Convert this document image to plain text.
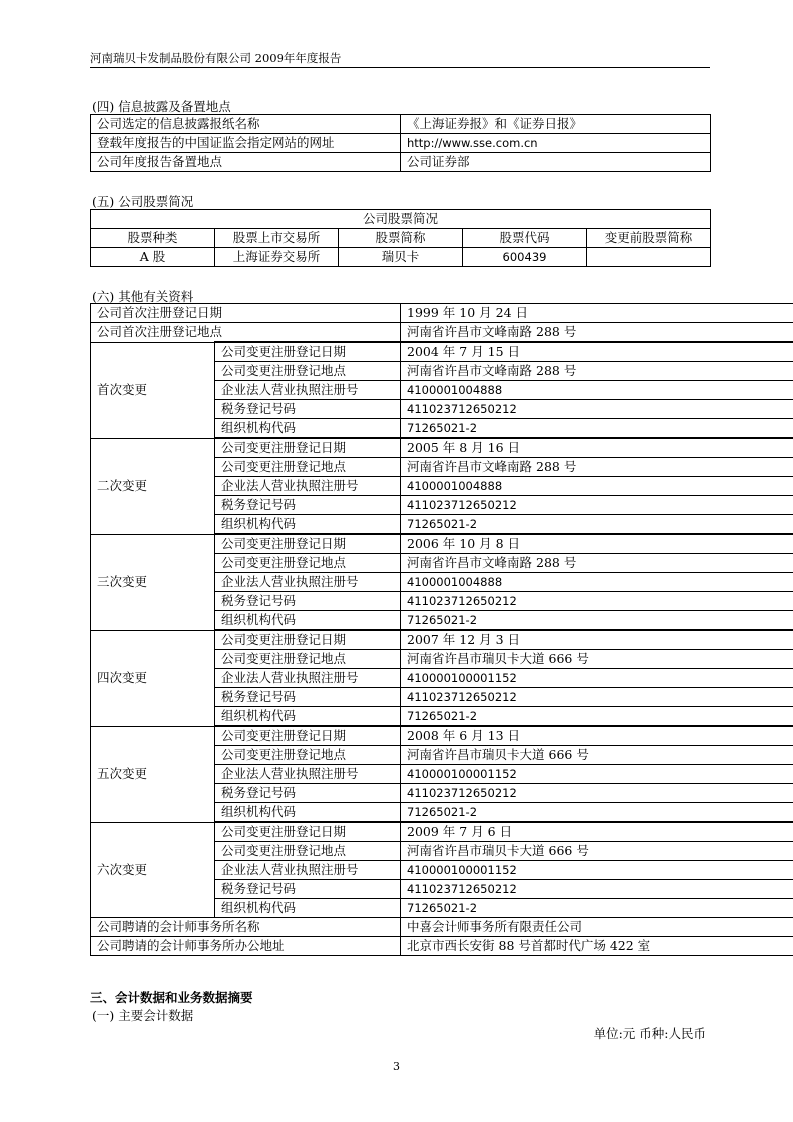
河南瑞贝卡发制品股份有限公司 2009年年度报告
(四) 信息披露及备置地点
公司选定的信息披露报纸名称	《上海证券报》和《证券日报》
登载年度报告的中国证监会指定网站的网址	http://www.sse.com.cn
公司年度报告备置地点	公司证券部
(五) 公司股票简况
公司股票简况				
股票种类	股票上市交易所	股票简称	股票代码	变更前股票简称
A 股	上海证券交易所	瑞贝卡	600439	
(六) 其他有关资料
公司首次注册登记日期		1999 年 10 月 24 日
公司首次注册登记地点		河南省许昌市文峰南路 288 号
首次变更	公司变更注册登记日期	2004 年 7 月 15 日
	公司变更注册登记地点	河南省许昌市文峰南路 288 号
	企业法人营业执照注册号	4100001004888
	税务登记号码	411023712650212
	组织机构代码	71265021-2
二次变更	公司变更注册登记日期	2005 年 8 月 16 日
	公司变更注册登记地点	河南省许昌市文峰南路 288 号
	企业法人营业执照注册号	4100001004888
	税务登记号码	411023712650212
	组织机构代码	71265021-2
三次变更	公司变更注册登记日期	2006 年 10 月 8 日
	公司变更注册登记地点	河南省许昌市文峰南路 288 号
	企业法人营业执照注册号	4100001004888
	税务登记号码	411023712650212
	组织机构代码	71265021-2
四次变更	公司变更注册登记日期	2007 年 12 月 3 日
	公司变更注册登记地点	河南省许昌市瑞贝卡大道 666 号
	企业法人营业执照注册号	410000100001152
	税务登记号码	411023712650212
	组织机构代码	71265021-2
五次变更	公司变更注册登记日期	2008 年 6 月 13 日
	公司变更注册登记地点	河南省许昌市瑞贝卡大道 666 号
	企业法人营业执照注册号	410000100001152
	税务登记号码	411023712650212
	组织机构代码	71265021-2
六次变更	公司变更注册登记日期	2009 年 7 月 6 日
	公司变更注册登记地点	河南省许昌市瑞贝卡大道 666 号
	企业法人营业执照注册号	410000100001152
	税务登记号码	411023712650212
	组织机构代码	71265021-2
公司聘请的会计师事务所名称		中喜会计师事务所有限责任公司
公司聘请的会计师事务所办公地址		北京市西长安街 88 号首都时代广场 422 室
三、会计数据和业务数据摘要
(一) 主要会计数据
单位:元 币种:人民币
3
